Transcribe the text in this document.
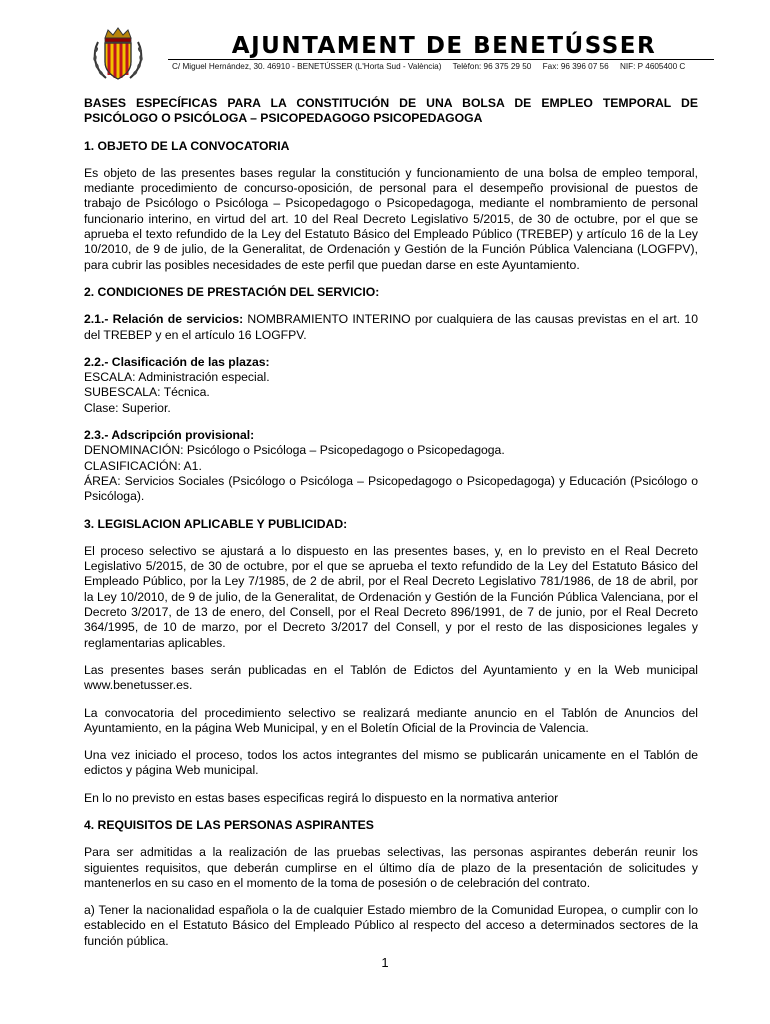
AJUNTAMENT DE BENETÚSSER
C/ Miguel Hernández, 30. 46910 - BENETÚSSER (L'Horta Sud - València) Telèfon: 96 375 29 50 Fax: 96 396 07 56 NIF: P 4605400 C
BASES ESPECÍFICAS PARA LA CONSTITUCIÓN DE UNA BOLSA DE EMPLEO TEMPORAL DE PSICÓLOGO O PSICÓLOGA – PSICOPEDAGOGO PSICOPEDAGOGA
1. OBJETO DE LA CONVOCATORIA

Es objeto de las presentes bases regular la constitución y funcionamiento de una bolsa de empleo temporal, mediante procedimiento de concurso-oposición, de personal para el desempeño provisional de puestos de trabajo de Psicólogo o Psicóloga – Psicopedagogo o Psicopedagoga, mediante el nombramiento de personal funcionario interino, en virtud del art. 10 del Real Decreto Legislativo 5/2015, de 30 de octubre, por el que se aprueba el texto refundido de la Ley del Estatuto Básico del Empleado Público (TREBEP) y artículo 16 de la Ley 10/2010, de 9 de julio, de la Generalitat, de Ordenación y Gestión de la Función Pública Valenciana (LOGFPV), para cubrir las posibles necesidades de este perfil que puedan darse en este Ayuntamiento.

2. CONDICIONES DE PRESTACIÓN DEL SERVICIO:

2.1.- Relación de servicios: NOMBRAMIENTO INTERINO por cualquiera de las causas previstas en el art. 10 del TREBEP y en el artículo 16 LOGFPV.

2.2.- Clasificación de las plazas:
ESCALA: Administración especial.
SUBESCALA: Técnica.
Clase: Superior.
2.3.- Adscripción provisional:
DENOMINACIÓN: Psicólogo o Psicóloga – Psicopedagogo o Psicopedagoga.
CLASIFICACIÓN: A1.
ÁREA: Servicios Sociales (Psicólogo o Psicóloga – Psicopedagogo o Psicopedagoga) y Educación (Psicólogo o Psicóloga).
3. LEGISLACION APLICABLE Y PUBLICIDAD:

El proceso selectivo se ajustará a lo dispuesto en las presentes bases, y, en lo previsto en el Real Decreto Legislativo 5/2015, de 30 de octubre, por el que se aprueba el texto refundido de la Ley del Estatuto Básico del Empleado Público, por la Ley 7/1985, de 2 de abril, por el Real Decreto Legislativo 781/1986, de 18 de abril, por la Ley 10/2010, de 9 de julio, de la Generalitat, de Ordenación y Gestión de la Función Pública Valenciana, por el Decreto 3/2017, de 13 de enero, del Consell, por el Real Decreto 896/1991, de 7 de junio, por el Real Decreto 364/1995, de 10 de marzo, por el Decreto 3/2017 del Consell, y por el resto de las disposiciones legales y reglamentarias aplicables.

Las presentes bases serán publicadas en el Tablón de Edictos del Ayuntamiento y en la Web municipal www.benetusser.es.

La convocatoria del procedimiento selectivo se realizará mediante anuncio en el Tablón de Anuncios del Ayuntamiento, en la página Web Municipal, y en el Boletín Oficial de la Provincia de Valencia.

Una vez iniciado el proceso, todos los actos integrantes del mismo se publicarán unicamente en el Tablón de edictos y página Web municipal.

En lo no previsto en estas bases especificas regirá lo dispuesto en la normativa anterior

4. REQUISITOS DE LAS PERSONAS ASPIRANTES

Para ser admitidas a la realización de las pruebas selectivas, las personas aspirantes deberán reunir los siguientes requisitos, que deberán cumplirse en el último día de plazo de la presentación de solicitudes y mantenerlos en su caso en el momento de la toma de posesión o de celebración del contrato.

a) Tener la nacionalidad española o la de cualquier Estado miembro de la Comunidad Europea, o cumplir con lo establecido en el Estatuto Básico del Empleado Público al respecto del acceso a determinados sectores de la función pública.

1
